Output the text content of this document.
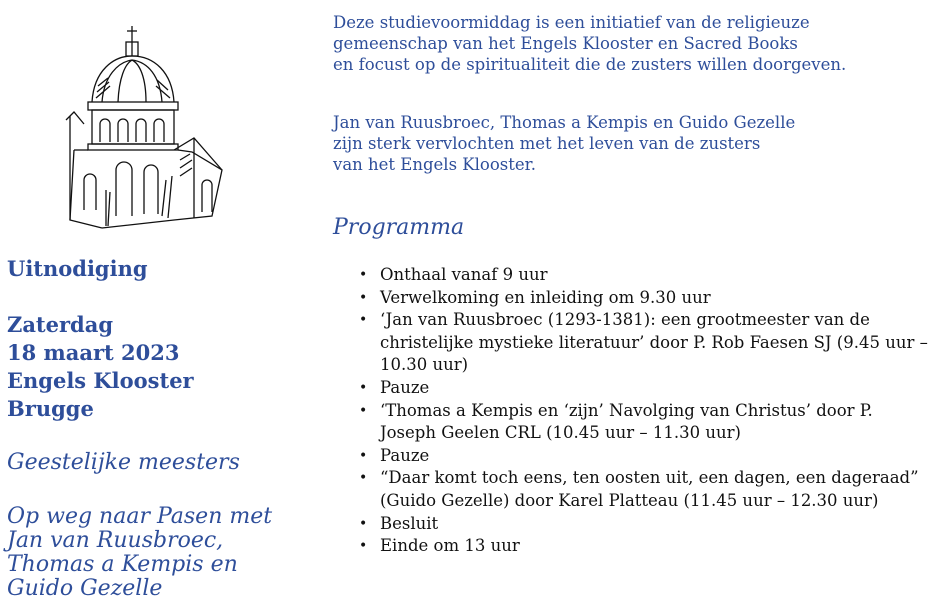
Uitnodiging
Zaterdag
18 maart 2023
Engels Klooster
Brugge
Geestelijke meesters
Op weg naar Pasen met
Jan van Ruusbroec,
Thomas a Kempis en
Guido Gezelle

Deze studievoormiddag is een initiatief van de religieuze

gemeenschap van het Engels Klooster en Sacred Books

en focust op de spiritualiteit die de zusters willen doorgeven.

Jan van Ruusbroec, Thomas a Kempis en Guido Gezelle

zijn sterk vervlochten met het leven van de zusters

van het Engels Klooster.

Programma
• Onthaal vanaf 9 uur
• Verwelkoming en inleiding om 9.30 uur
• ‘Jan van Ruusbroec (1293-1381): een grootmeester van de christelijke mystieke literatuur’ door P. Rob Faesen SJ (9.45 uur – 10.30 uur)
• Pauze
• ‘Thomas a Kempis en ‘zijn’ Navolging van Christus’ door P. Joseph Geelen CRL (10.45 uur – 11.30 uur)
• Pauze
• “Daar komt toch eens, ten oosten uit, een dagen, een dageraad” (Guido Gezelle) door Karel Platteau (11.45 uur – 12.30 uur)
• Besluit
• Einde om 13 uur
